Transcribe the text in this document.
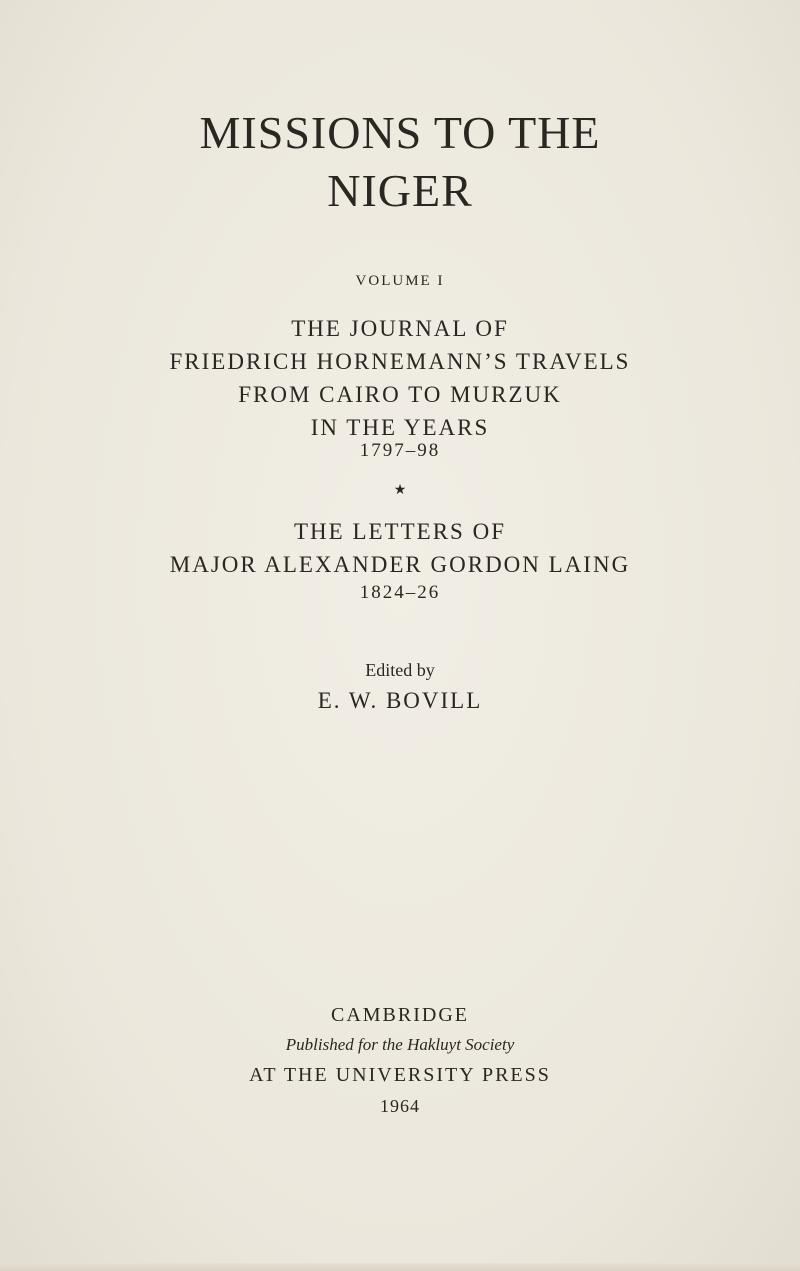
MISSIONS TO THE
NIGER
VOLUME I
THE JOURNAL OF
FRIEDRICH HORNEMANN’S TRAVELS
FROM CAIRO TO MURZUK
IN THE YEARS
1797–98
★
THE LETTERS OF
MAJOR ALEXANDER GORDON LAING
1824–26
Edited by
E. W. BOVILL
CAMBRIDGE
Published for the Hakluyt Society
AT THE UNIVERSITY PRESS
1964
